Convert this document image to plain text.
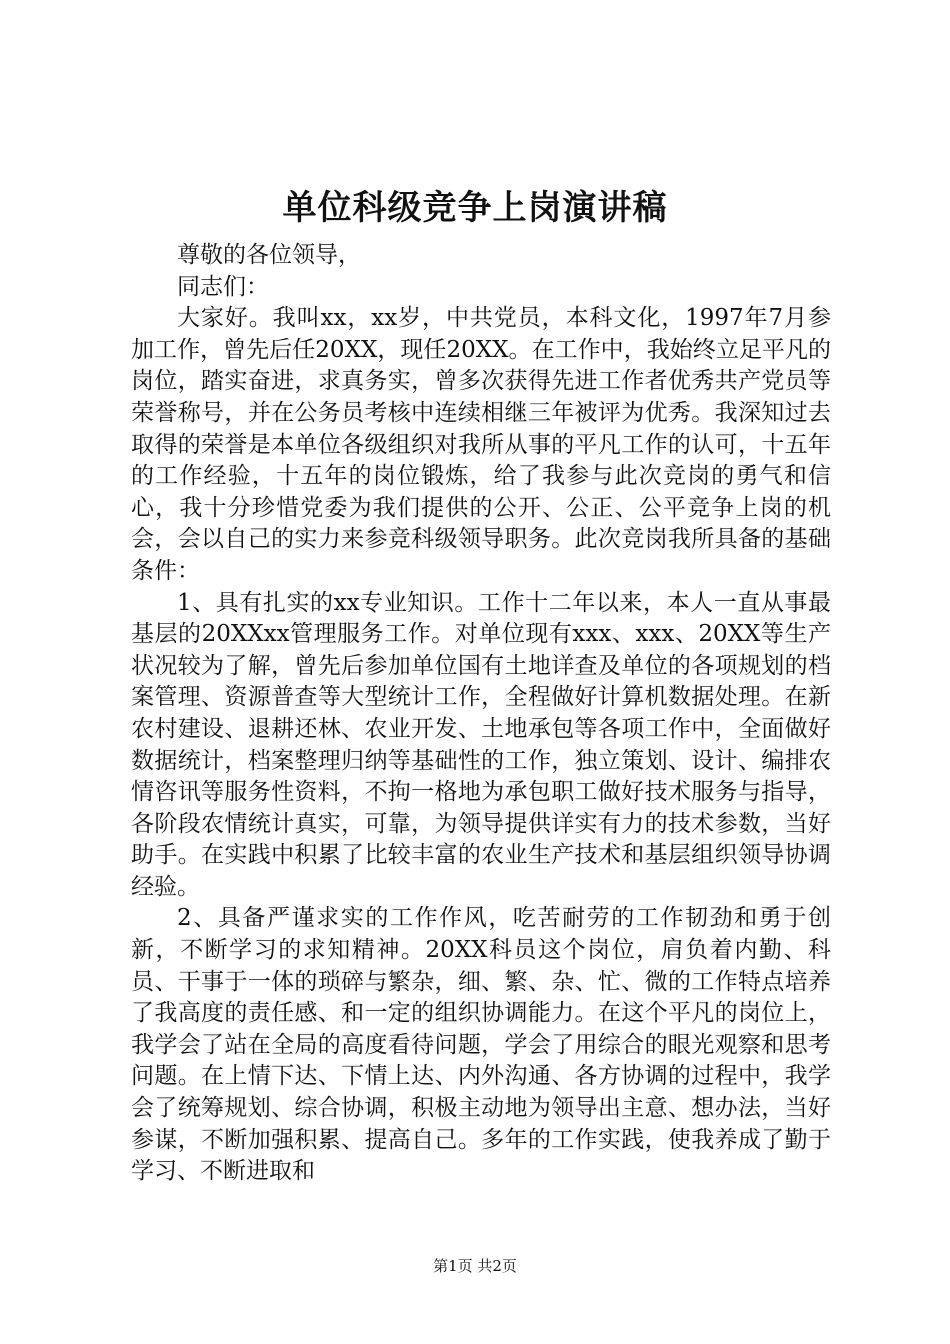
单位科级竞争上岗演讲稿

尊敬的各位领导，

同志们：

大家好。我叫xx，xx岁，中共党员，本科文化，1997年7月参加工作，曾先后任20XX，现任20XX。在工作中，我始终立足平凡的岗位，踏实奋进，求真务实，曾多次获得先进工作者优秀共产党员等荣誉称号，并在公务员考核中连续相继三年被评为优秀。我深知过去取得的荣誉是本单位各级组织对我所从事的平凡工作的认可，十五年的工作经验，十五年的岗位锻炼，给了我参与此次竞岗的勇气和信心，我十分珍惜党委为我们提供的公开、公正、公平竞争上岗的机会，会以自己的实力来参竞科级领导职务。此次竞岗我所具备的基础条件：

1、具有扎实的xx专业知识。工作十二年以来，本人一直从事最基层的20XXxx管理服务工作。对单位现有xxx、xxx、20XX等生产状况较为了解，曾先后参加单位国有土地详查及单位的各项规划的档案管理、资源普查等大型统计工作，全程做好计算机数据处理。在新农村建设、退耕还林、农业开发、土地承包等各项工作中，全面做好数据统计，档案整理归纳等基础性的工作，独立策划、设计、编排农情咨讯等服务性资料，不拘一格地为承包职工做好技术服务与指导，各阶段农情统计真实，可靠，为领导提供详实有力的技术参数，当好助手。在实践中积累了比较丰富的农业生产技术和基层组织领导协调经验。

2、具备严谨求实的工作作风，吃苦耐劳的工作韧劲和勇于创新，不断学习的求知精神。20XX科员这个岗位，肩负着内勤、科员、干事于一体的琐碎与繁杂，细、繁、杂、忙、微的工作特点培养了我高度的责任感、和一定的组织协调能力。在这个平凡的岗位上，我学会了站在全局的高度看待问题，学会了用综合的眼光观察和思考问题。在上情下达、下情上达、内外沟通、各方协调的过程中，我学会了统筹规划、综合协调，积极主动地为领导出主意、想办法，当好参谋，不断加强积累、提高自己。多年的工作实践，使我养成了勤于学习、不断进取和

第1页 共2页
